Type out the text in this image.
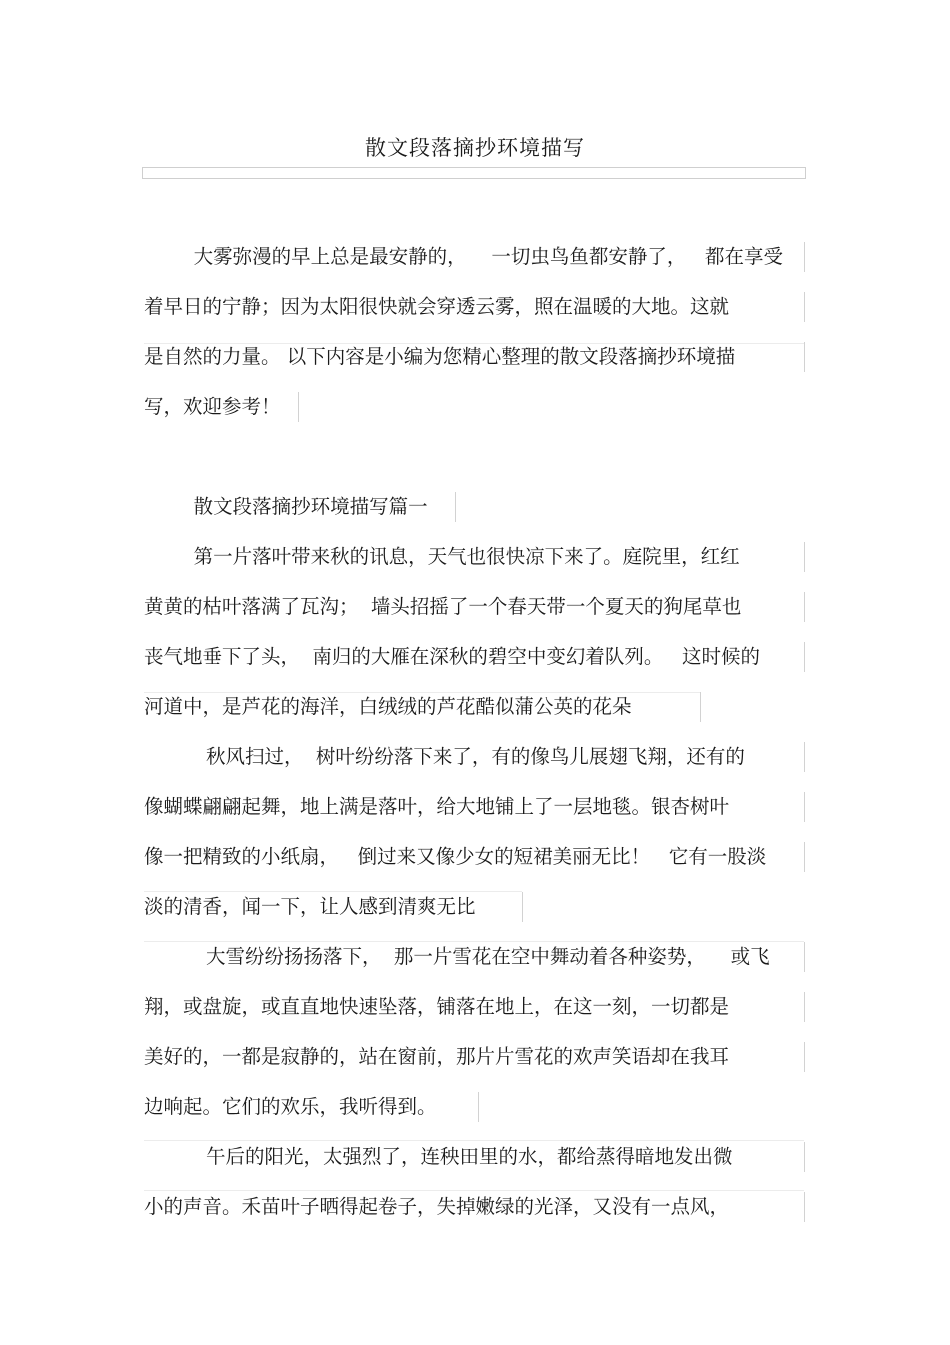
散文段落摘抄环境描写
大雾弥漫的早上总是最安静的，    一切虫鸟鱼都安静了，   都在享受
着早日的宁静；因为太阳很快就会穿透云雾，照在温暖的大地。这就
是自然的力量。 以下内容是小编为您精心整理的散文段落摘抄环境描
写，欢迎参考！
散文段落摘抄环境描写篇一
第一片落叶带来秋的讯息，天气也很快凉下来了。庭院里，红红
黄黄的枯叶落满了瓦沟；  墙头招摇了一个春天带一个夏天的狗尾草也
丧气地垂下了头，  南归的大雁在深秋的碧空中变幻着队列。   这时候的
河道中，是芦花的海洋，白绒绒的芦花酷似蒲公英的花朵
秋风扫过，  树叶纷纷落下来了，有的像鸟儿展翅飞翔，还有的
像蝴蝶翩翩起舞，地上满是落叶，给大地铺上了一层地毯。银杏树叶
像一把精致的小纸扇，   倒过来又像少女的短裙美丽无比！   它有一股淡
淡的清香，闻一下，让人感到清爽无比
大雪纷纷扬扬落下，  那一片雪花在空中舞动着各种姿势，    或飞
翔，或盘旋，或直直地快速坠落，铺落在地上，在这一刻，一切都是
美好的，一都是寂静的，站在窗前，那片片雪花的欢声笑语却在我耳
边响起。它们的欢乐，我听得到。
午后的阳光，太强烈了，连秧田里的水，都给蒸得暗地发出微
小的声音。禾苗叶子晒得起卷子，失掉嫩绿的光泽，又没有一点风，
